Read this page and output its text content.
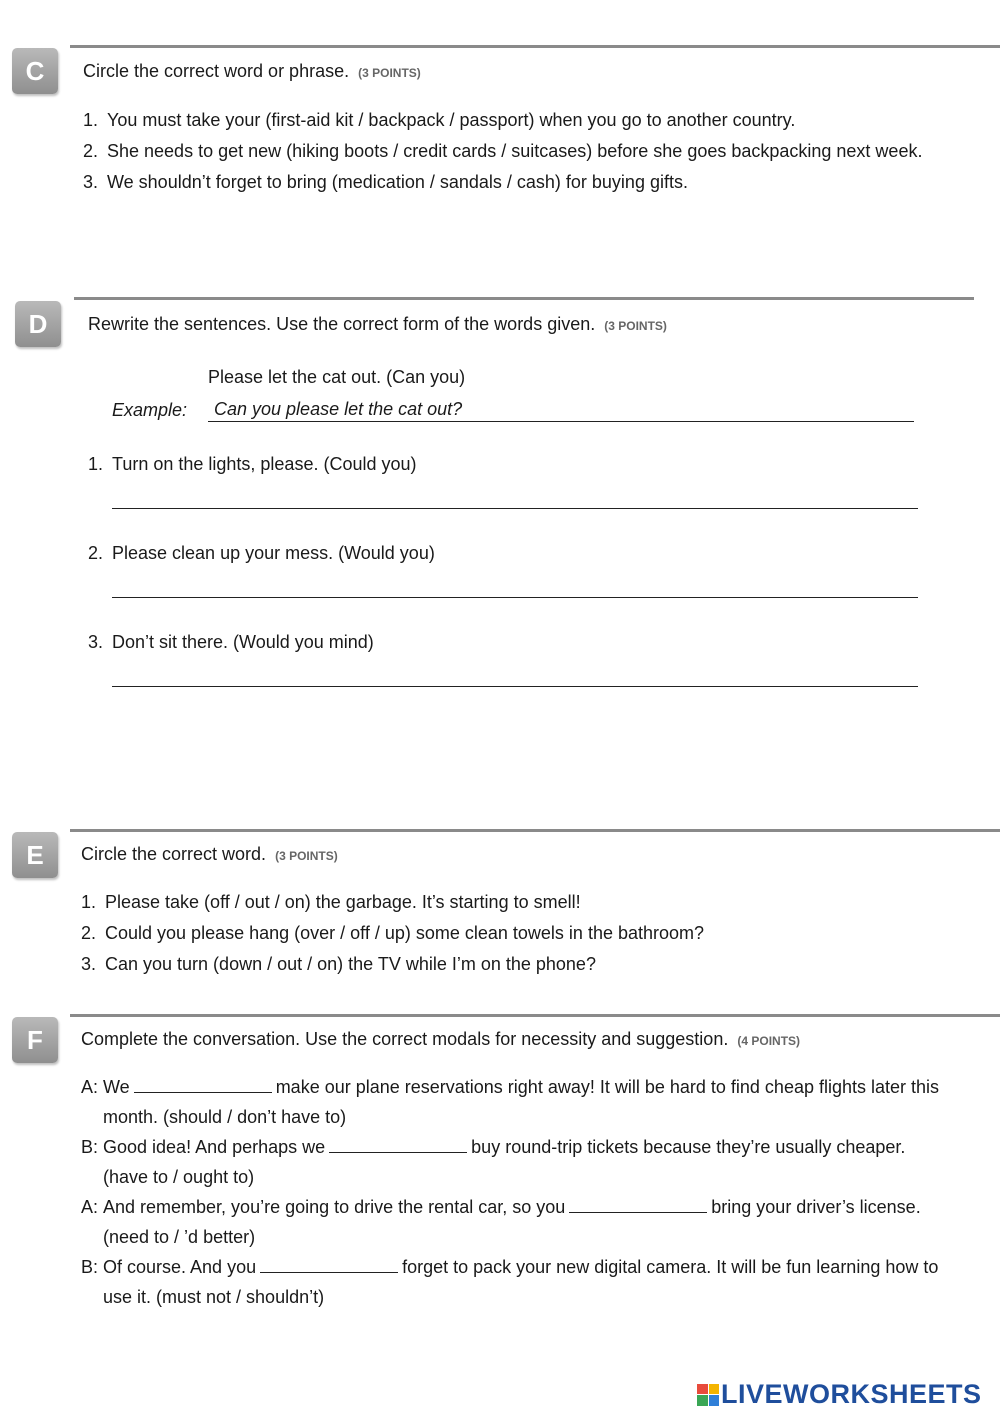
C	Circle the correct word or phrase. (3 POINTS)
1. You must take your (first-aid kit / backpack / passport) when you go to another country.
2. She needs to get new (hiking boots / credit cards / suitcases) before she goes backpacking next week.
3. We shouldn’t forget to bring (medication / sandals / cash) for buying gifts.
D	Rewrite the sentences. Use the correct form of the words given. (3 POINTS)
Please let the cat out. (Can you)
Example:	Can you please let the cat out?
1. Turn on the lights, please. (Could you)
2. Please clean up your mess. (Would you)
3. Don’t sit there. (Would you mind)
E	Circle the correct word. (3 POINTS)
1. Please take (off / out / on) the garbage. It’s starting to smell!
2. Could you please hang (over / off / up) some clean towels in the bathroom?
3. Can you turn (down / out / on) the TV while I’m on the phone?
F	Complete the conversation. Use the correct modals for necessity and suggestion. (4 POINTS)
A: We	make our plane reservations right away! It will be hard to find cheap flights later this
month. (should / don’t have to)
B: Good idea! And perhaps we	buy round-trip tickets because they’re usually cheaper.
(have to / ought to)
A: And remember, you’re going to drive the rental car, so you	bring your driver’s license.
(need to / ’d better)
B: Of course. And you	forget to pack your new digital camera. It will be fun learning how to
use it. (must not / shouldn’t)
LIVEWORKSHEETS
